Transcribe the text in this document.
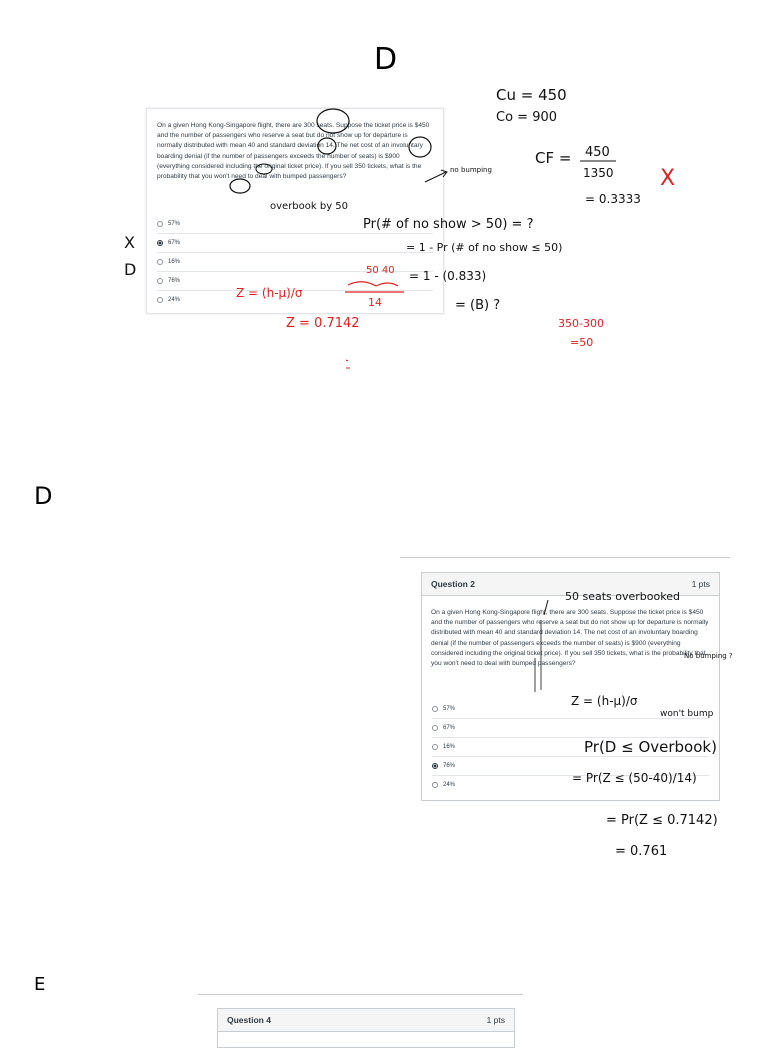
D
D
E

On a given Hong Kong-Singapore flight, there are 300 seats. Suppose the ticket price is $450 and the number of passengers who reserve a seat but do not show up for departure is normally distributed with mean 40 and standard deviation 14. The net cost of an involuntary boarding denial (if the number of passengers exceeds the number of seats) is $900 (everything considered including the original ticket price). If you sell 350 tickets, what is the probability that you won't need to deal with bumped passengers?

57%
67%
16%
76%
24%
Question 2	1 pts

On a given Hong Kong-Singapore flight, there are 300 seats. Suppose the ticket price is $450 and the number of passengers who reserve a seat but do not show up for departure is normally distributed with mean 40 and standard deviation 14. The net cost of an involuntary boarding denial (if the number of passengers exceeds the number of seats) is $900 (everything considered including the original ticket price). If you sell 350 tickets, what is the probability that you won't need to deal with bumped passengers?

57%
67%
16%
76%
24%
Question 4	1 pts
Cu = 450
Co = 900
CF = 450
1350
= 0.3333
X
no bumping
overbook by 50
Pr(# of no show > 50) = ?
= 1 - Pr (# of no show ≤ 50)
= 1 - (0.833)
= (B) ?
X
D
Z = (h-μ)/σ
50 40
14
Z = 0.7142	350-300
=50
50 seats overbooked
No bumping ?
Z = (h-μ)/σ
won't bump
Pr(D ≤ Overbook)
= Pr(Z ≤ (50-40)/14)
= Pr(Z ≤ 0.7142)
= 0.761
